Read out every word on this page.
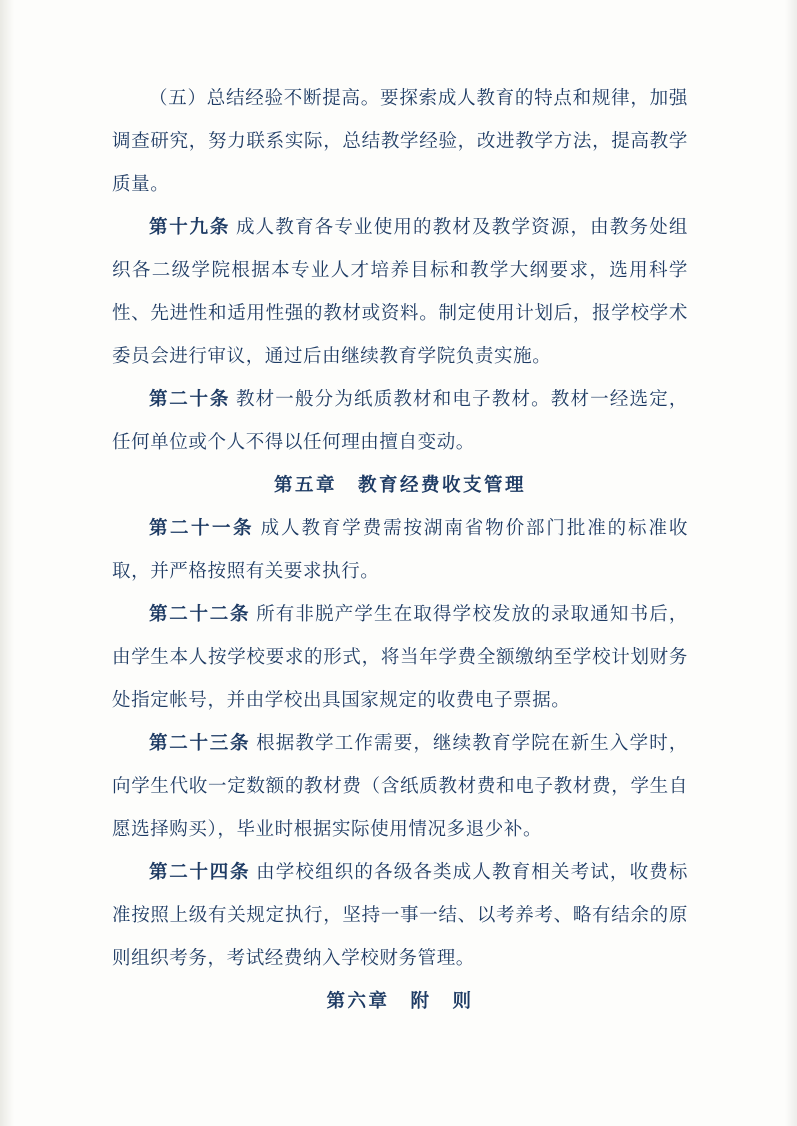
（五）总结经验不断提高。要探索成人教育的特点和规律，加强调查研究，努力联系实际，总结教学经验，改进教学方法，提高教学质量。

第十九条 成人教育各专业使用的教材及教学资源，由教务处组织各二级学院根据本专业人才培养目标和教学大纲要求，选用科学性、先进性和适用性强的教材或资料。制定使用计划后，报学校学术委员会进行审议，通过后由继续教育学院负责实施。

第二十条 教材一般分为纸质教材和电子教材。教材一经选定，任何单位或个人不得以任何理由擅自变动。

第五章　教育经费收支管理

第二十一条 成人教育学费需按湖南省物价部门批准的标准收取，并严格按照有关要求执行。

第二十二条 所有非脱产学生在取得学校发放的录取通知书后，由学生本人按学校要求的形式，将当年学费全额缴纳至学校计划财务处指定帐号，并由学校出具国家规定的收费电子票据。

第二十三条 根据教学工作需要，继续教育学院在新生入学时，向学生代收一定数额的教材费（含纸质教材费和电子教材费，学生自愿选择购买），毕业时根据实际使用情况多退少补。

第二十四条 由学校组织的各级各类成人教育相关考试，收费标准按照上级有关规定执行，坚持一事一结、以考养考、略有结余的原则组织考务，考试经费纳入学校财务管理。

第六章　附　则
